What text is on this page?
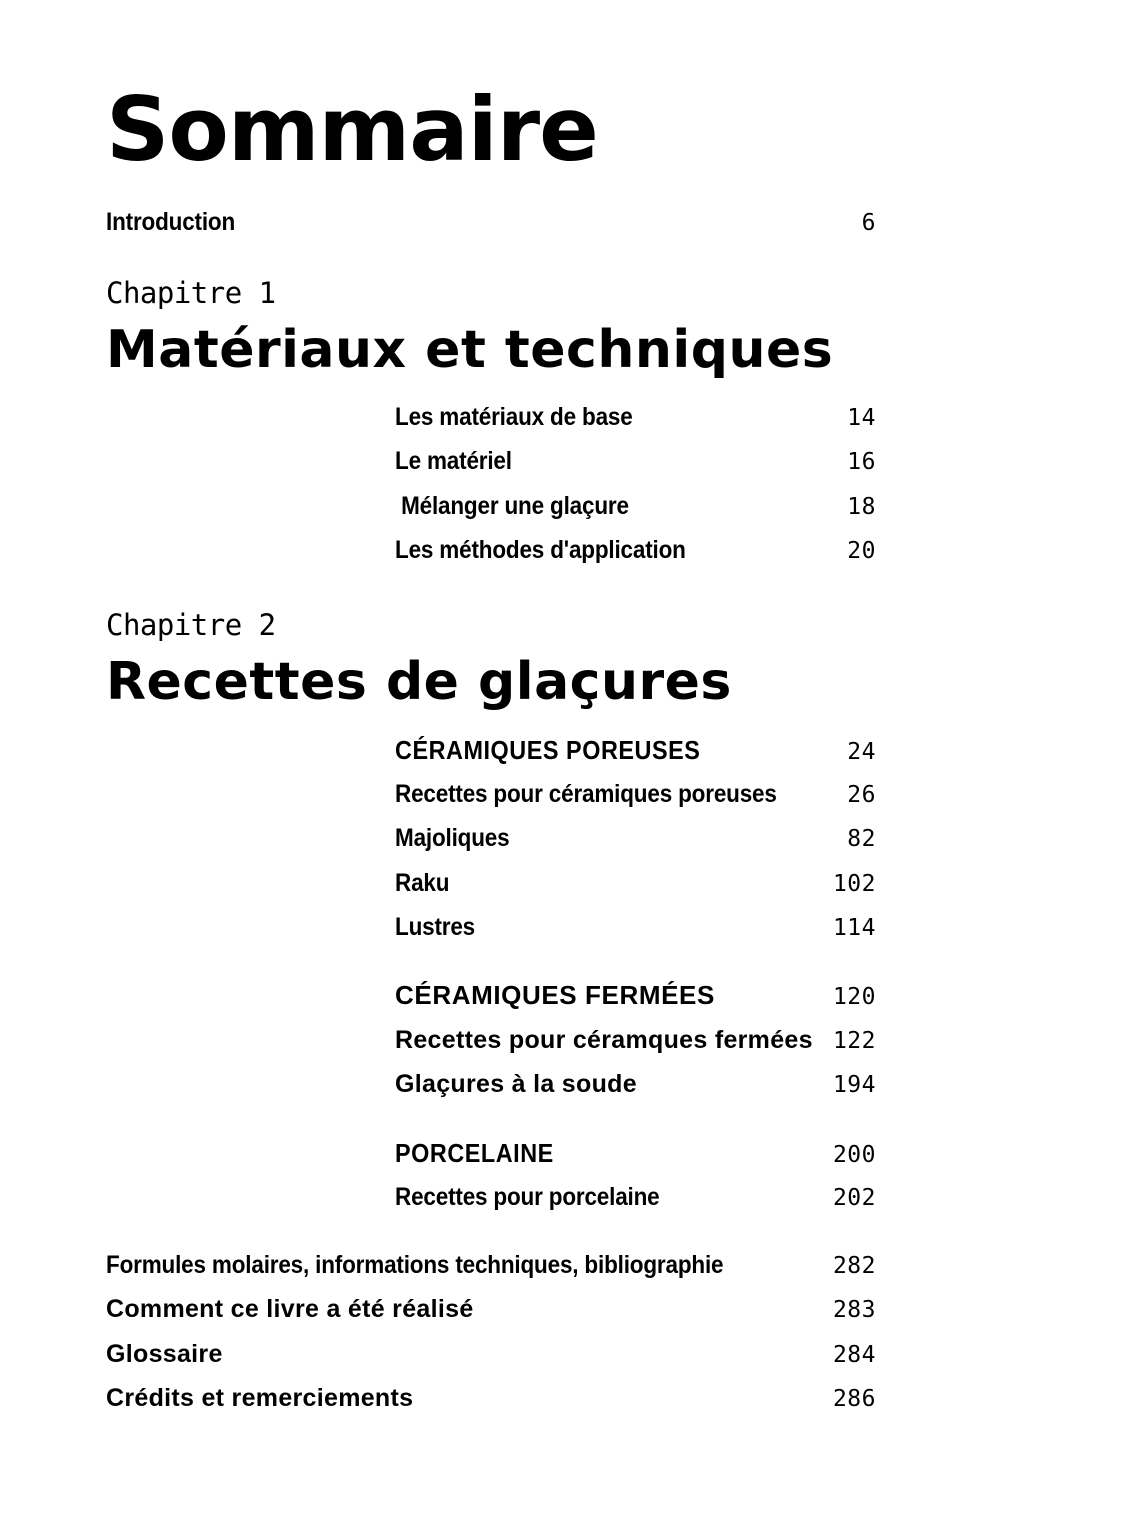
Sommaire
Introduction	6
Chapitre 1
Matériaux et techniques
Les matériaux de base	14
Le matériel	16
Mélanger une glaçure	18
Les méthodes d'application	20
Chapitre 2
Recettes de glaçures
CÉRAMIQUES POREUSES	24
Recettes pour céramiques poreuses	26
Majoliques	82
Raku	102
Lustres	114
CÉRAMIQUES FERMÉES	120
Recettes pour céramques fermées 122
Glaçures à la soude	194
PORCELAINE	200
Recettes pour porcelaine	202
Formules molaires, informations techniques, bibliographie	282
Comment ce livre a été réalisé	283
Glossaire	284
Crédits et remerciements	286
